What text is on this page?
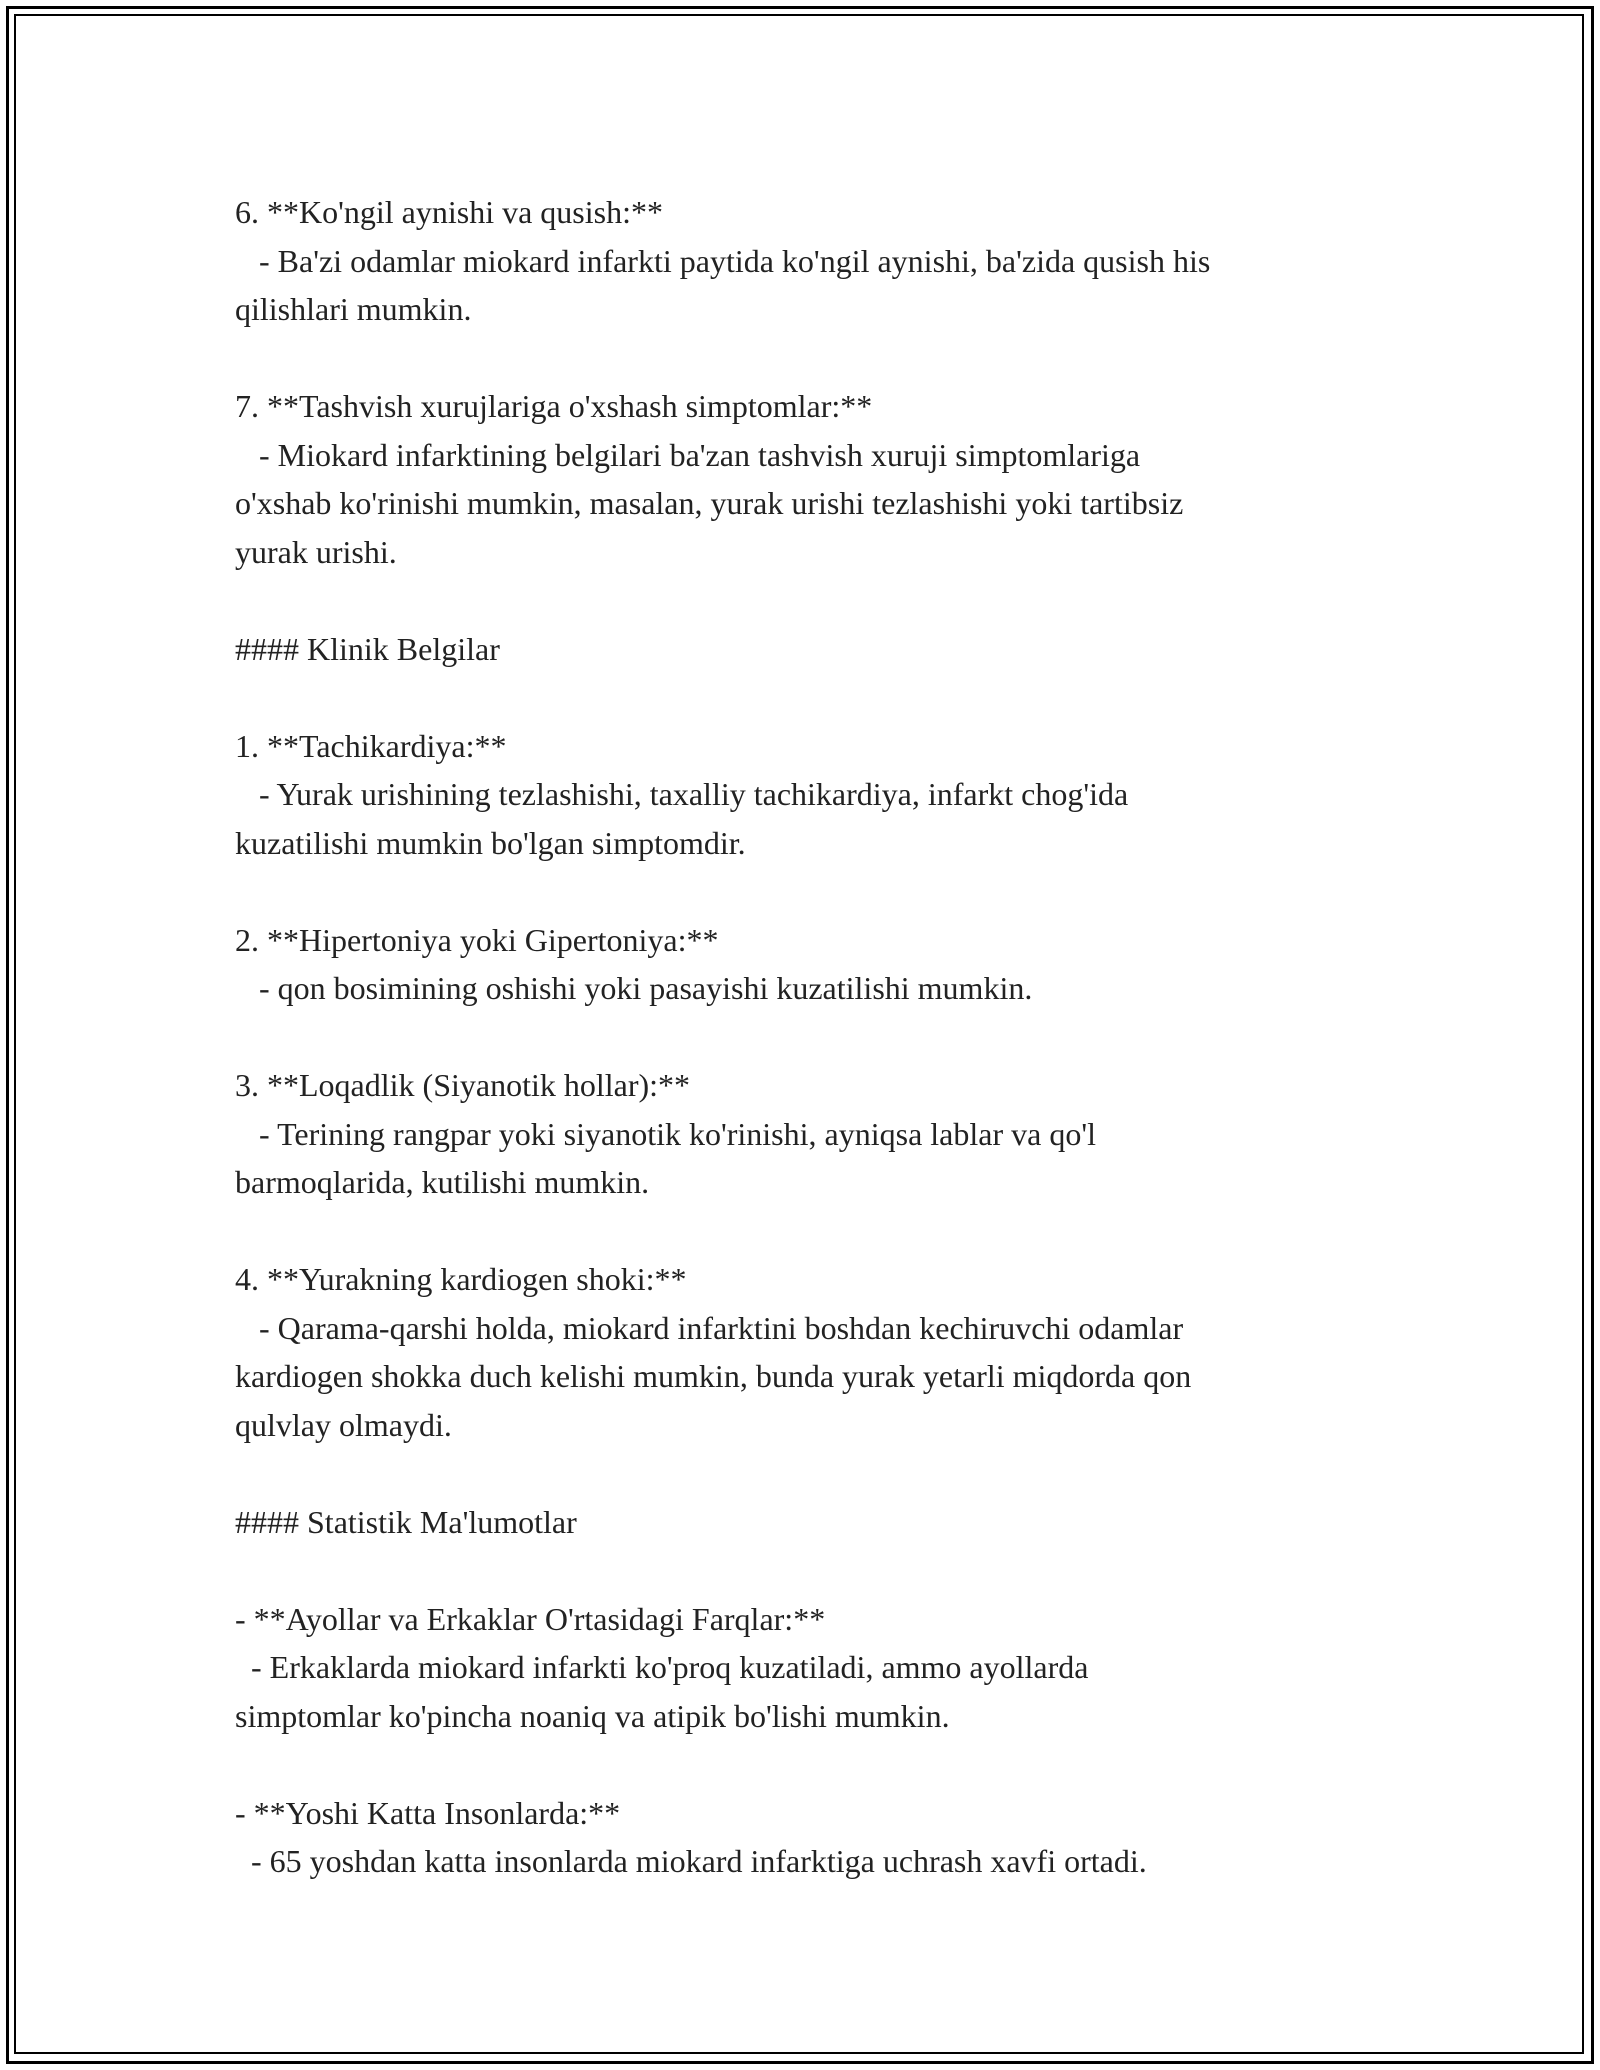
6. **Ko'ngil aynishi va qusish:**
- Ba'zi odamlar miokard infarkti paytida ko'ngil aynishi, ba'zida qusish his
qilishlari mumkin.
7. **Tashvish xurujlariga o'xshash simptomlar:**
- Miokard infarktining belgilari ba'zan tashvish xuruji simptomlariga
o'xshab ko'rinishi mumkin, masalan, yurak urishi tezlashishi yoki tartibsiz
yurak urishi.
#### Klinik Belgilar
1. **Tachikardiya:**
- Yurak urishining tezlashishi, taxalliy tachikardiya, infarkt chog'ida
kuzatilishi mumkin bo'lgan simptomdir.
2. **Hipertoniya yoki Gipertoniya:**
- qon bosimining oshishi yoki pasayishi kuzatilishi mumkin.
3. **Loqadlik (Siyanotik hollar):**
- Terining rangpar yoki siyanotik ko'rinishi, ayniqsa lablar va qo'l
barmoqlarida, kutilishi mumkin.
4. **Yurakning kardiogen shoki:**
- Qarama-qarshi holda, miokard infarktini boshdan kechiruvchi odamlar
kardiogen shokka duch kelishi mumkin, bunda yurak yetarli miqdorda qon
qulvlay olmaydi.
#### Statistik Ma'lumotlar
- **Ayollar va Erkaklar O'rtasidagi Farqlar:**
- Erkaklarda miokard infarkti ko'proq kuzatiladi, ammo ayollarda
simptomlar ko'pincha noaniq va atipik bo'lishi mumkin.
- **Yoshi Katta Insonlarda:**
- 65 yoshdan katta insonlarda miokard infarktiga uchrash xavfi ortadi.
